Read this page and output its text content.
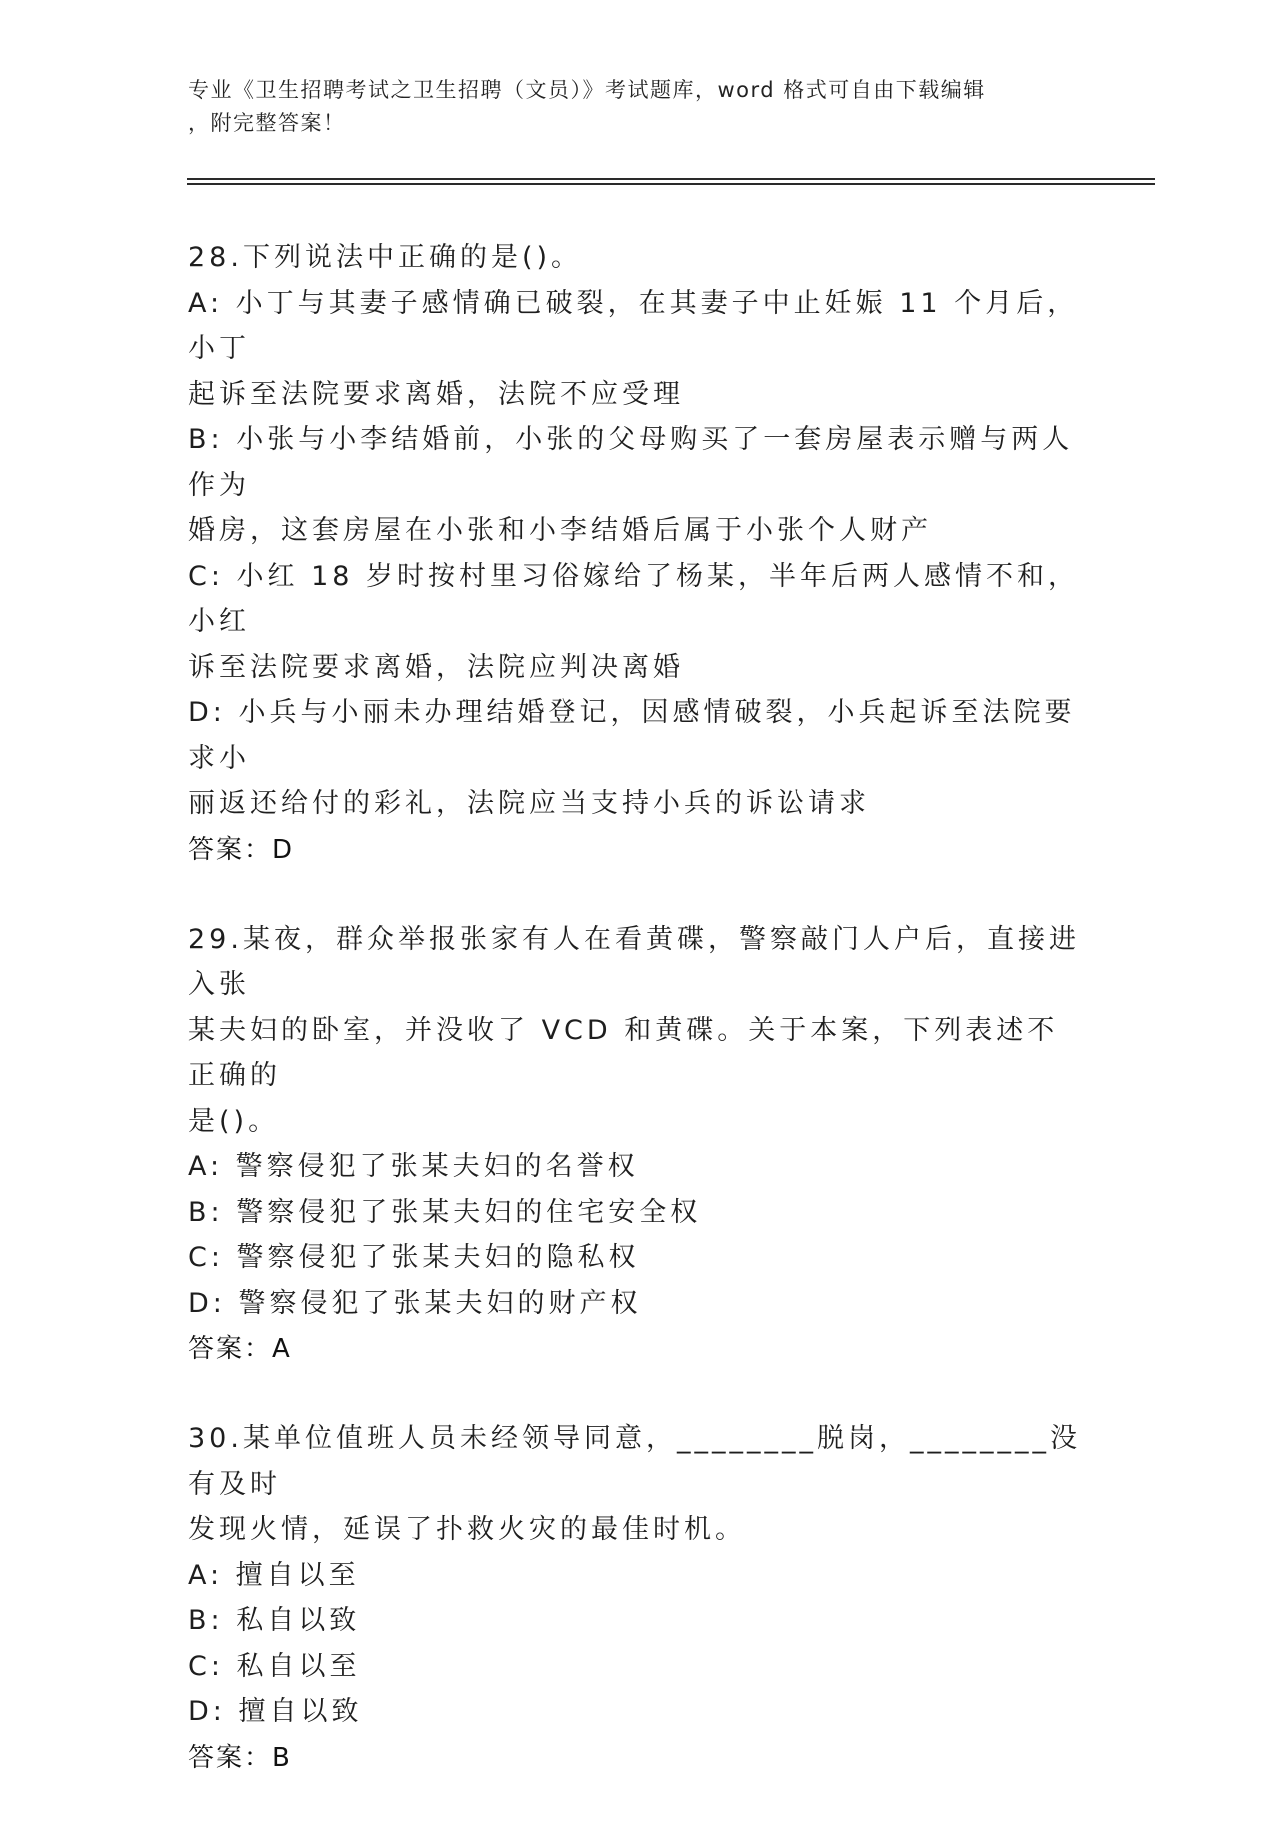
专业《卫生招聘考试之卫生招聘（文员）》考试题库，word 格式可自由下载编辑
，附完整答案！
28.下列说法中正确的是()。
A: 小丁与其妻子感情确已破裂，在其妻子中止妊娠 11 个月后，小丁
起诉至法院要求离婚，法院不应受理
B: 小张与小李结婚前，小张的父母购买了一套房屋表示赠与两人作为
婚房，这套房屋在小张和小李结婚后属于小张个人财产
C: 小红 18 岁时按村里习俗嫁给了杨某，半年后两人感情不和，小红
诉至法院要求离婚，法院应判决离婚
D: 小兵与小丽未办理结婚登记，因感情破裂，小兵起诉至法院要求小
丽返还给付的彩礼，法院应当支持小兵的诉讼请求
答案：D
29.某夜，群众举报张家有人在看黄碟，警察敲门人户后，直接进入张
某夫妇的卧室，并没收了 VCD 和黄碟。关于本案，下列表述不正确的
是()。
A: 警察侵犯了张某夫妇的名誉权
B: 警察侵犯了张某夫妇的住宅安全权
C: 警察侵犯了张某夫妇的隐私权
D: 警察侵犯了张某夫妇的财产权
答案：A
30.某单位值班人员未经领导同意，________脱岗，________没有及时
发现火情，延误了扑救火灾的最佳时机。
A: 擅自以至
B: 私自以致
C: 私自以至
D: 擅自以致
答案：B
